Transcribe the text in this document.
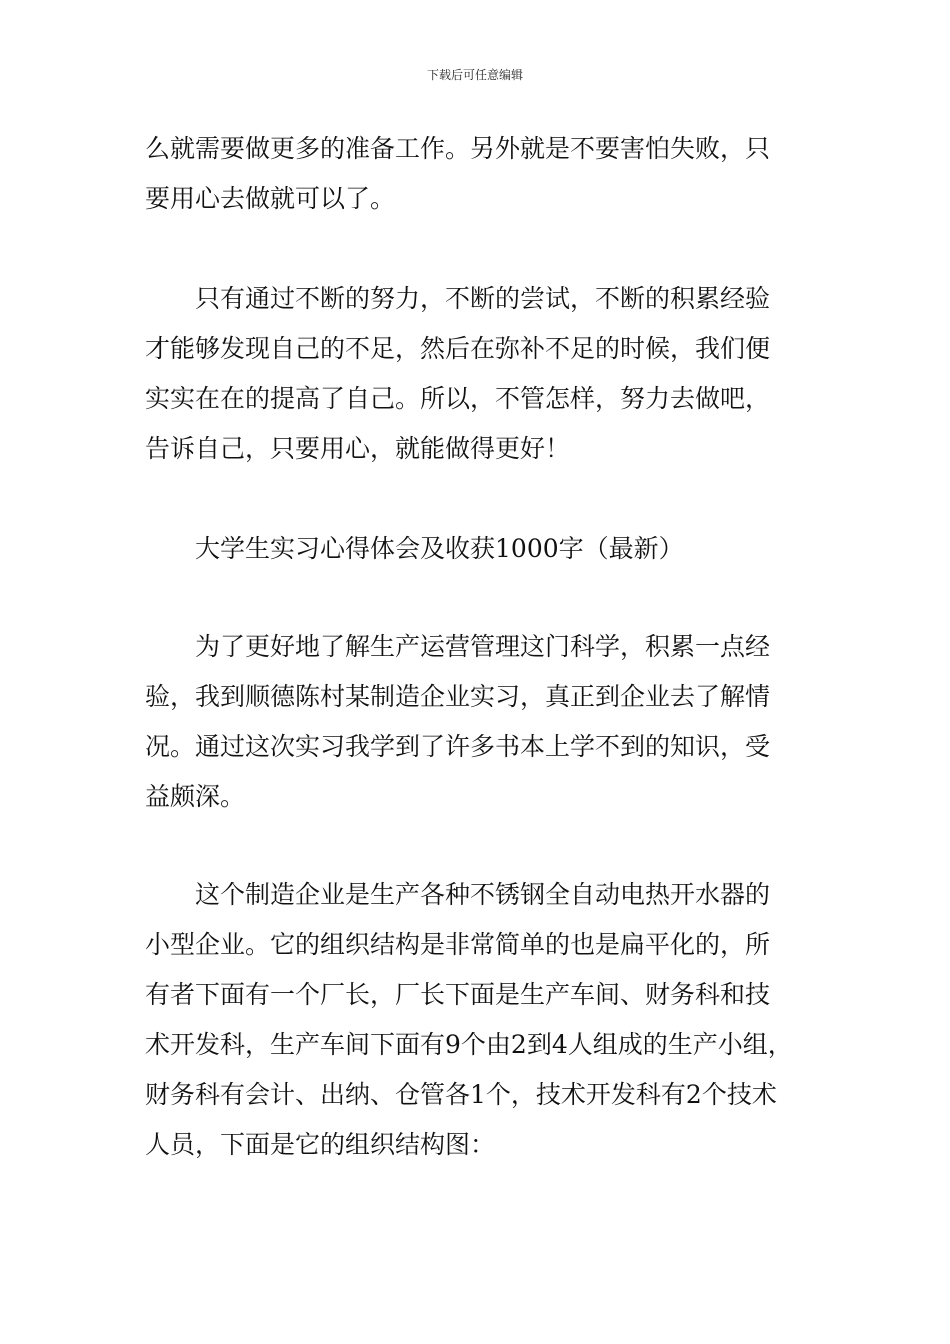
下载后可任意编辑

么就需要做更多的准备工作。另外就是不要害怕失败，只
要用心去做就可以了。

　　只有通过不断的努力，不断的尝试，不断的积累经验
才能够发现自己的不足，然后在弥补不足的时候，我们便
实实在在的提高了自己。所以，不管怎样，努力去做吧，
告诉自己，只要用心，就能做得更好！

　　大学生实习心得体会及收获1000字（最新）

　　为了更好地了解生产运营管理这门科学，积累一点经
验，我到顺德陈村某制造企业实习，真正到企业去了解情
况。通过这次实习我学到了许多书本上学不到的知识，受
益颇深。

　　这个制造企业是生产各种不锈钢全自动电热开水器的
小型企业。它的组织结构是非常简单的也是扁平化的，所
有者下面有一个厂长，厂长下面是生产车间、财务科和技
术开发科，生产车间下面有9个由2到4人组成的生产小组，
财务科有会计、出纳、仓管各1个，技术开发科有2个技术
人员，下面是它的组织结构图：
